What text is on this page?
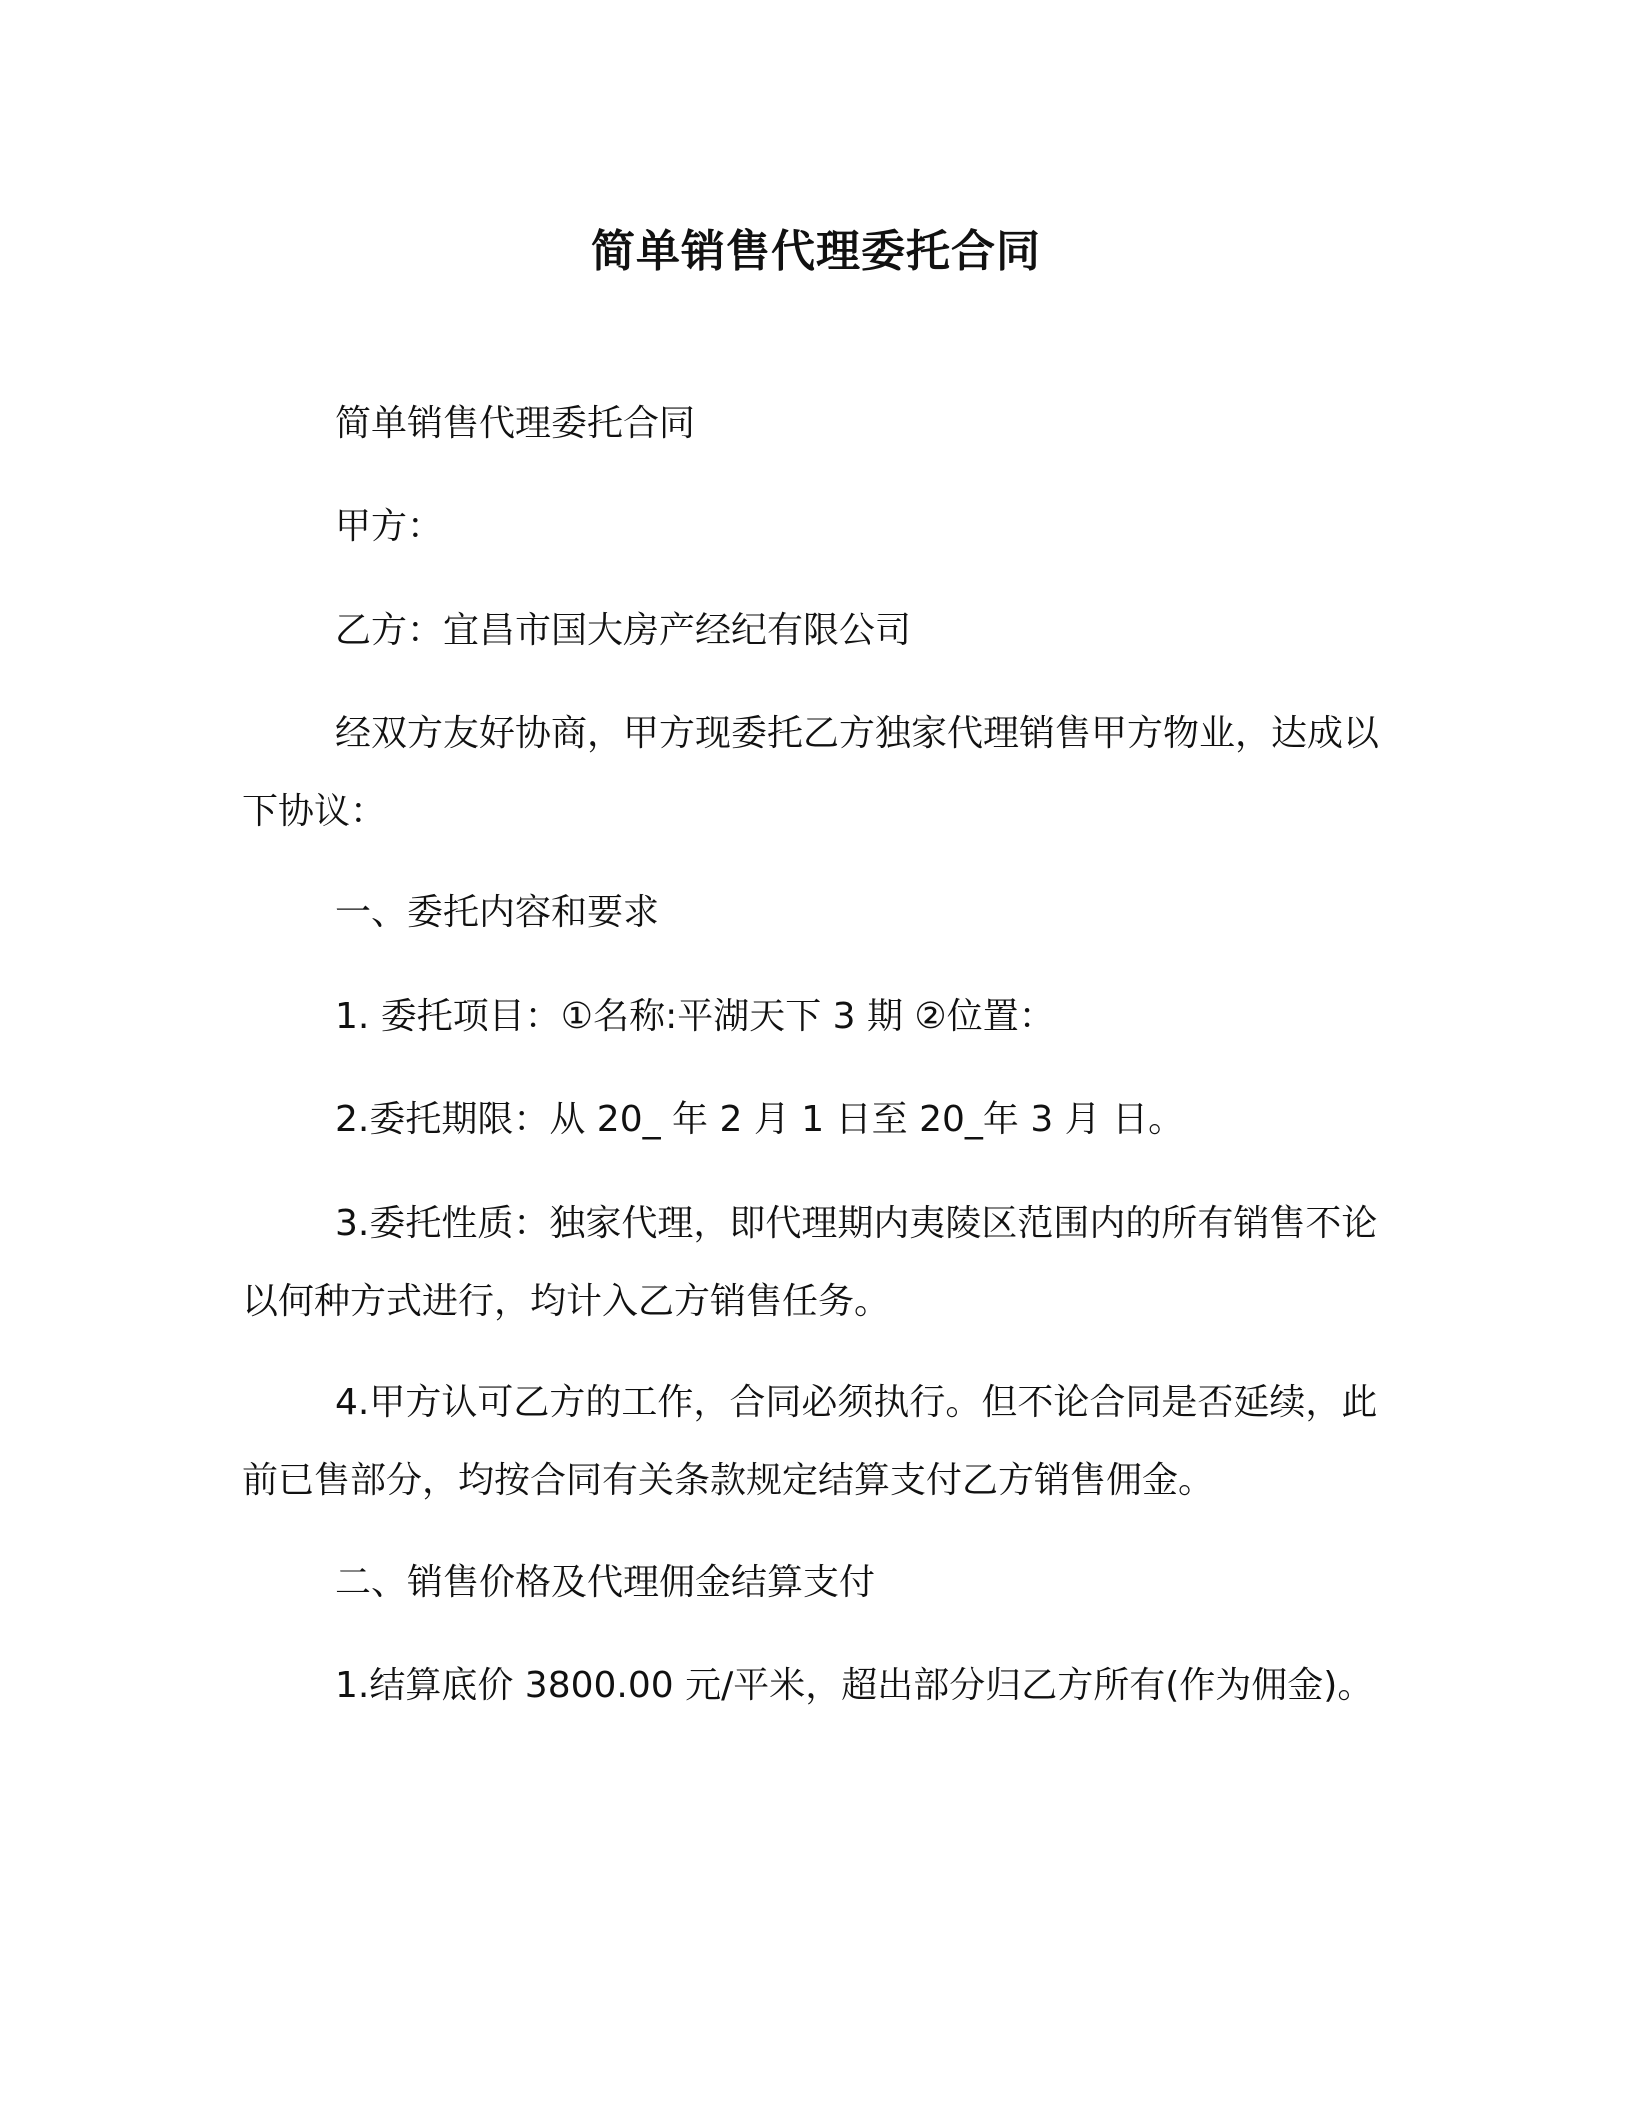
简单销售代理委托合同
简单销售代理委托合同
甲方：
乙方：宜昌市国大房产经纪有限公司
经双方友好协商，甲方现委托乙方独家代理销售甲方物业，达成以下协议：
一、委托内容和要求
1. 委托项目：①名称:平湖天下 3 期 ②位置：
2.委托期限：从 20_ 年 2 月 1 日至 20_年 3 月 日。
3.委托性质：独家代理，即代理期内夷陵区范围内的所有销售不论以何种方式进行，均计入乙方销售任务。
4.甲方认可乙方的工作，合同必须执行。但不论合同是否延续，此前已售部分，均按合同有关条款规定结算支付乙方销售佣金。
二、销售价格及代理佣金结算支付
1.结算底价 3800.00 元/平米，超出部分归乙方所有(作为佣金)。
